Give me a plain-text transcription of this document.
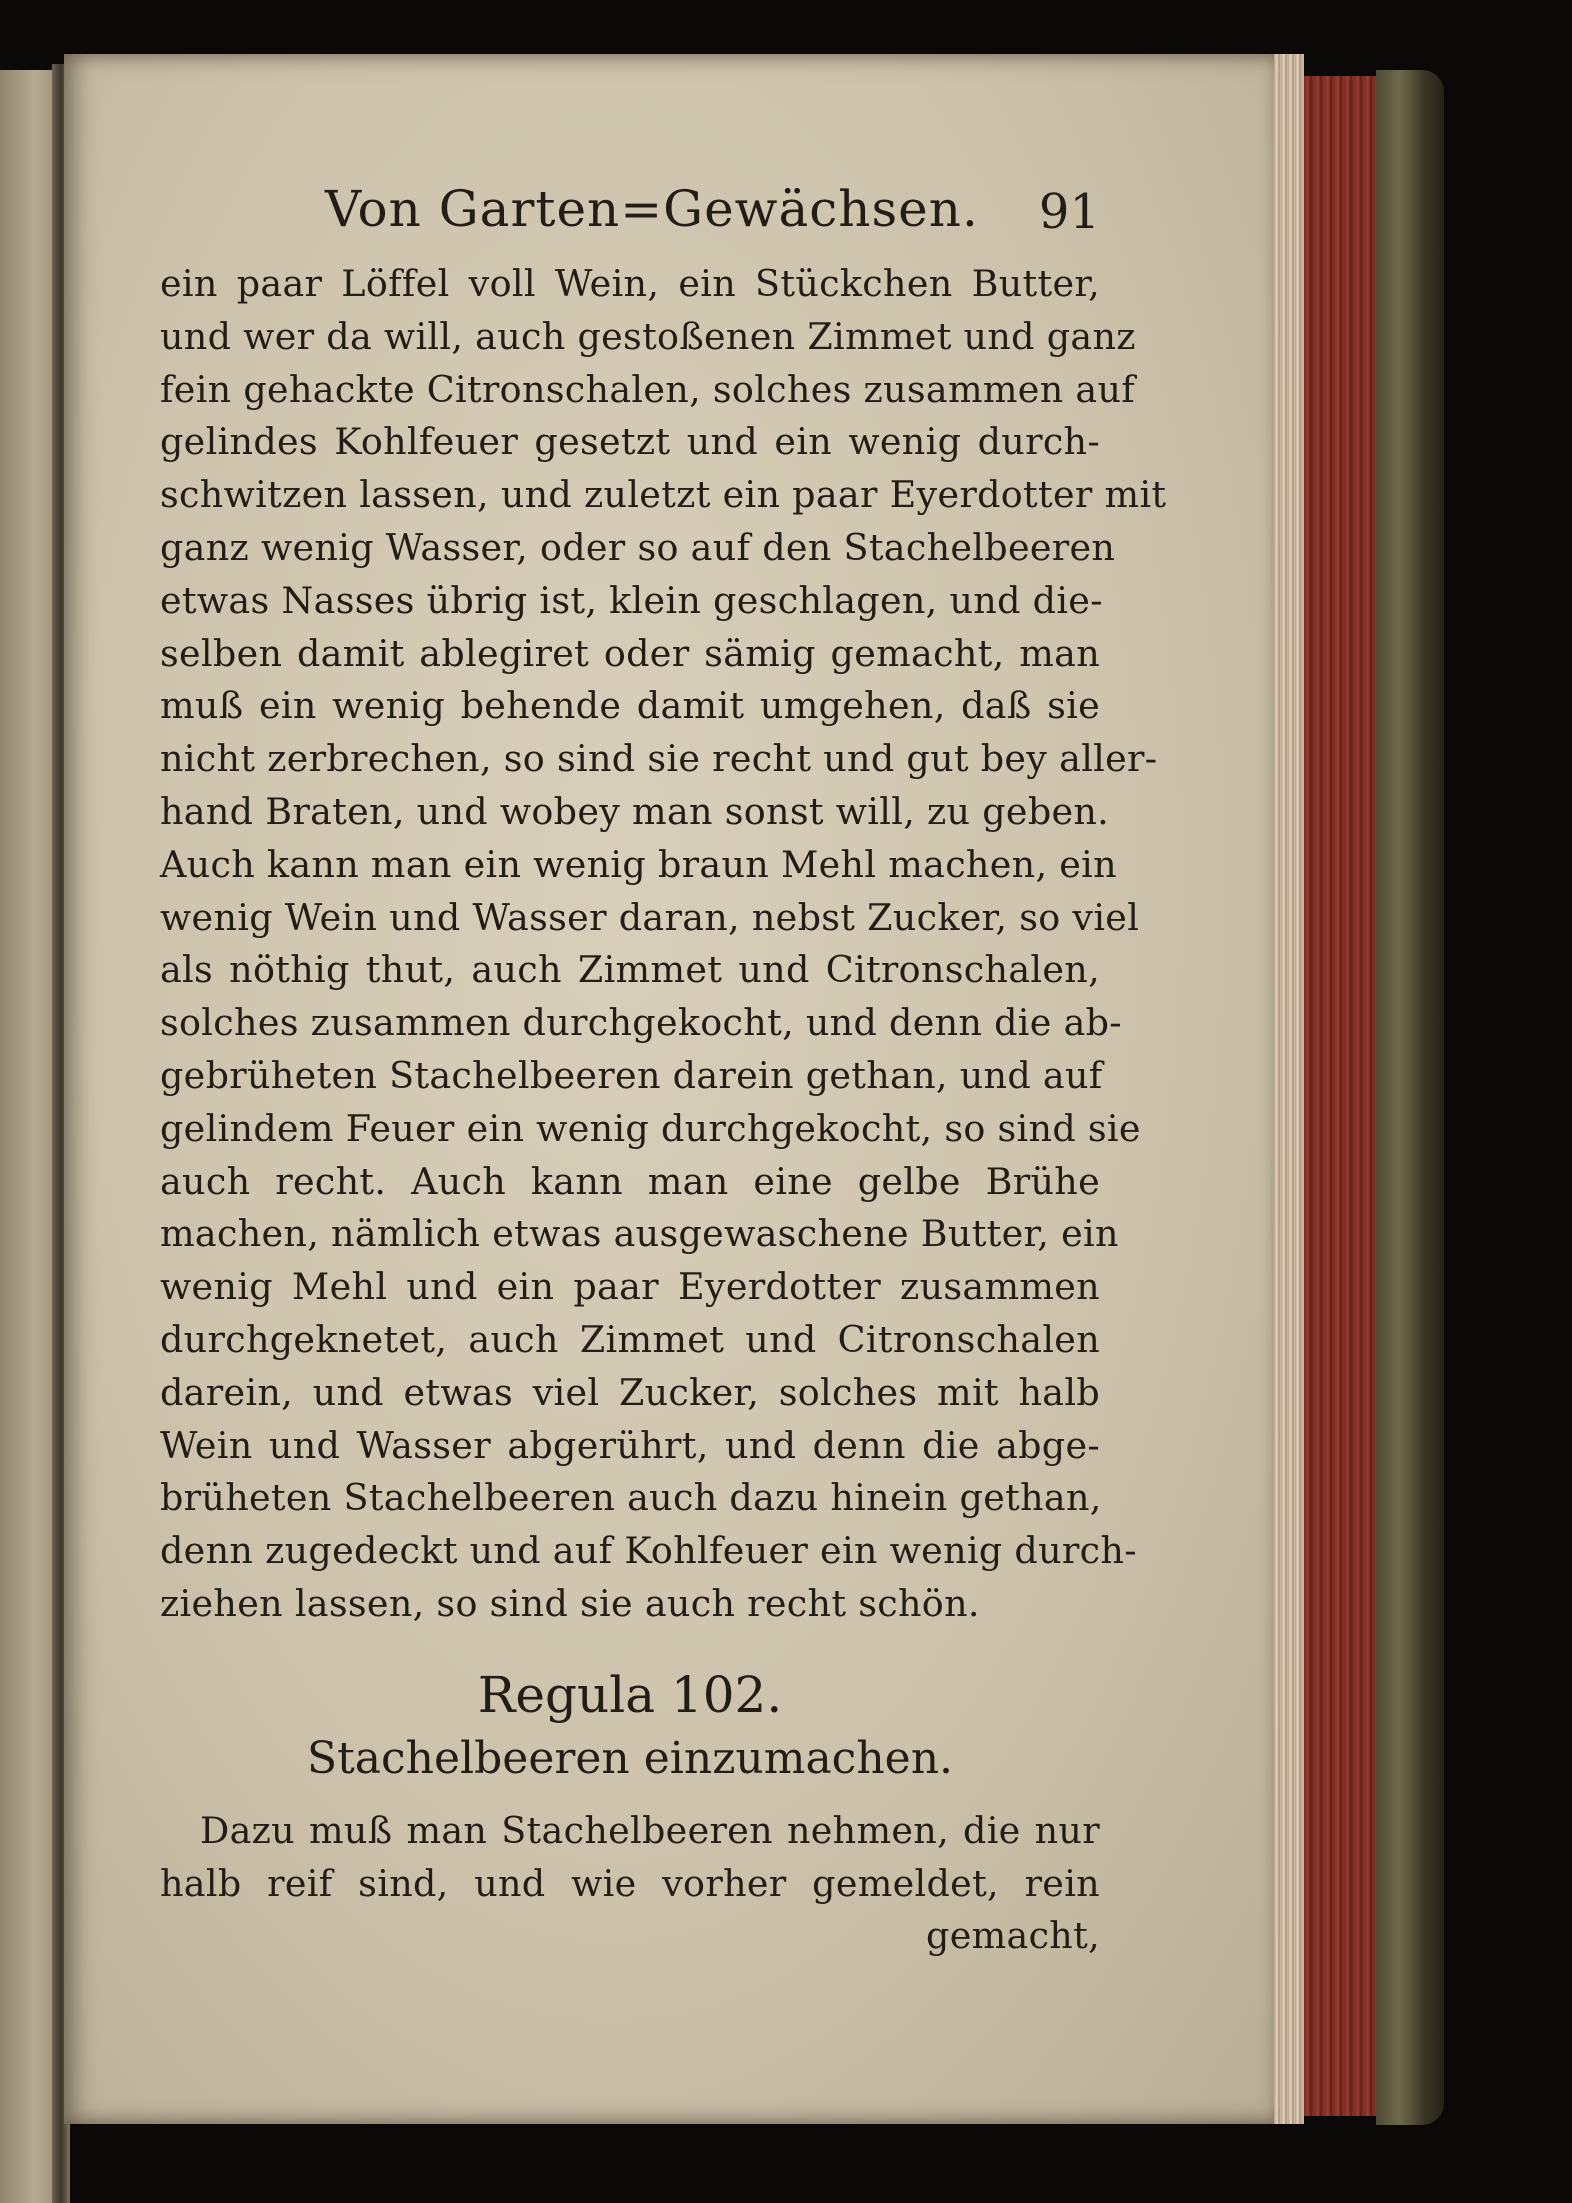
Von Garten=Gewächsen. 91
ein paar Löffel voll Wein, ein Stückchen Butter,
und wer da will, auch gestoßenen Zimmet und ganz
fein gehackte Citronschalen, solches zusammen auf
gelindes Kohlfeuer gesetzt und ein wenig durch-
schwitzen lassen, und zuletzt ein paar Eyerdotter mit
ganz wenig Wasser, oder so auf den Stachelbeeren
etwas Nasses übrig ist, klein geschlagen, und die-
selben damit ablegiret oder sämig gemacht, man
muß ein wenig behende damit umgehen, daß sie
nicht zerbrechen, so sind sie recht und gut bey aller-
hand Braten, und wobey man sonst will, zu geben.
Auch kann man ein wenig braun Mehl machen, ein
wenig Wein und Wasser daran, nebst Zucker, so viel
als nöthig thut, auch Zimmet und Citronschalen,
solches zusammen durchgekocht, und denn die ab-
gebrüheten Stachelbeeren darein gethan, und auf
gelindem Feuer ein wenig durchgekocht, so sind sie
auch recht. Auch kann man eine gelbe Brühe
machen, nämlich etwas ausgewaschene Butter, ein
wenig Mehl und ein paar Eyerdotter zusammen
durchgeknetet, auch Zimmet und Citronschalen
darein, und etwas viel Zucker, solches mit halb
Wein und Wasser abgerührt, und denn die abge-
brüheten Stachelbeeren auch dazu hinein gethan,
denn zugedeckt und auf Kohlfeuer ein wenig durch-
ziehen lassen, so sind sie auch recht schön.
Regula 102.
Stachelbeeren einzumachen.
Dazu muß man Stachelbeeren nehmen, die nur
halb reif sind, und wie vorher gemeldet, rein
gemacht,
